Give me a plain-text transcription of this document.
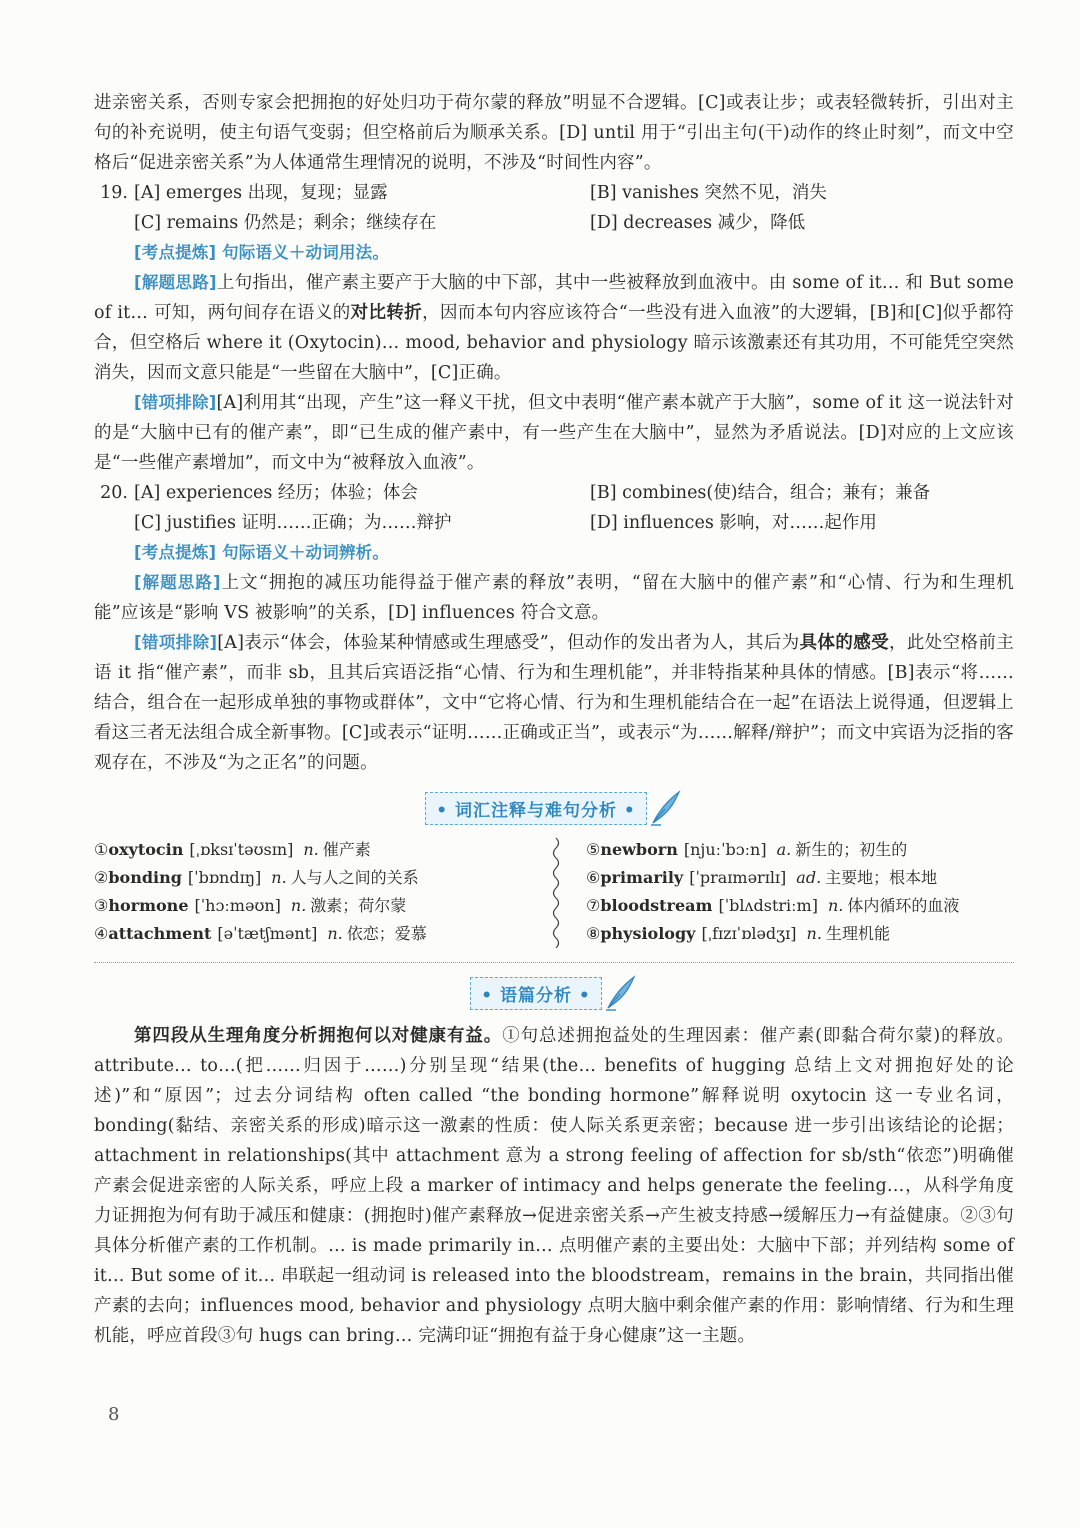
进亲密关系，否则专家会把拥抱的好处归功于荷尔蒙的释放”明显不合逻辑。[C]或表让步；或表轻微转折，引出对主句的补充说明，使主句语气变弱；但空格前后为顺承关系。[D] until 用于“引出主句(干)动作的终止时刻”，而文中空格后“促进亲密关系”为人体通常生理情况的说明，不涉及“时间性内容”。

19. [A] emerges 出现，复现；显露	[B] vanishes 突然不见，消失
[C] remains 仍然是；剩余；继续存在	[D] decreases 减少，降低

[考点提炼] 句际语义＋动词用法。

[解题思路]上句指出，催产素主要产于大脑的中下部，其中一些被释放到血液中。由 some of it… 和 But some of it… 可知，两句间存在语义的对比转折，因而本句内容应该符合“一些没有进入血液”的大逻辑，[B]和[C]似乎都符合，但空格后 where it (Oxytocin)… mood, behavior and physiology 暗示该激素还有其功用，不可能凭空突然消失，因而文意只能是“一些留在大脑中”，[C]正确。

[错项排除][A]利用其“出现，产生”这一释义干扰，但文中表明“催产素本就产于大脑”，some of it 这一说法针对的是“大脑中已有的催产素”，即“已生成的催产素中，有一些产生在大脑中”，显然为矛盾说法。[D]对应的上文应该是“一些催产素增加”，而文中为“被释放入血液”。

20. [A] experiences 经历；体验；体会	[B] combines(使)结合，组合；兼有；兼备
[C] justifies 证明……正确；为……辩护	[D] influences 影响，对……起作用

[考点提炼] 句际语义＋动词辨析。

[解题思路]上文“拥抱的减压功能得益于催产素的释放”表明，“留在大脑中的催产素”和“心情、行为和生理机能”应该是“影响 VS 被影响”的关系，[D] influences 符合文意。

[错项排除][A]表示“体会，体验某种情感或生理感受”，但动作的发出者为人，其后为具体的感受，此处空格前主语 it 指“催产素”，而非 sb，且其后宾语泛指“心情、行为和生理机能”，并非特指某种具体的情感。[B]表示“将……结合，组合在一起形成单独的事物或群体”，文中“它将心情、行为和生理机能结合在一起”在语法上说得通，但逻辑上看这三者无法组合成全新事物。[C]或表示“证明……正确或正当”，或表示“为……解释/辩护”；而文中宾语为泛指的客观存在，不涉及“为之正名”的问题。

• 词汇注释与难句分析 •
①oxytocin [ˌɒksɪˈtəʊsɪn] n. 催产素
②bonding [ˈbɒndɪŋ] n. 人与人之间的关系
③hormone [ˈhɔːməʊn] n. 激素；荷尔蒙
④attachment [əˈtætʃmənt] n. 依恋；爱慕
⑤newborn [njuːˈbɔːn] a. 新生的；初生的
⑥primarily [ˈpraɪmərɪlɪ] ad. 主要地；根本地
⑦bloodstream [ˈblʌdstriːm] n. 体内循环的血液
⑧physiology [ˌfɪzɪˈɒlədʒɪ] n. 生理机能
• 语篇分析 •

第四段从生理角度分析拥抱何以对健康有益。①句总述拥抱益处的生理因素：催产素(即黏合荷尔蒙)的释放。attribute… to…(把……归因于……)分别呈现“结果(the… benefits of hugging 总结上文对拥抱好处的论述)”和“原因”；过去分词结构 often called “the bonding hormone”解释说明 oxytocin 这一专业名词，bonding(黏结、亲密关系的形成)暗示这一激素的性质：使人际关系更亲密；because 进一步引出该结论的论据；attachment in relationships(其中 attachment 意为 a strong feeling of affection for sb/sth“依恋”)明确催产素会促进亲密的人际关系，呼应上段 a marker of intimacy and helps generate the feeling…，从科学角度力证拥抱为何有助于减压和健康：(拥抱时)催产素释放→促进亲密关系→产生被支持感→缓解压力→有益健康。②③句具体分析催产素的工作机制。… is made primarily in… 点明催产素的主要出处：大脑中下部；并列结构 some of it… But some of it… 串联起一组动词 is released into the bloodstream，remains in the brain，共同指出催产素的去向；influences mood, behavior and physiology 点明大脑中剩余催产素的作用：影响情绪、行为和生理机能，呼应首段③句 hugs can bring… 完满印证“拥抱有益于身心健康”这一主题。

8
